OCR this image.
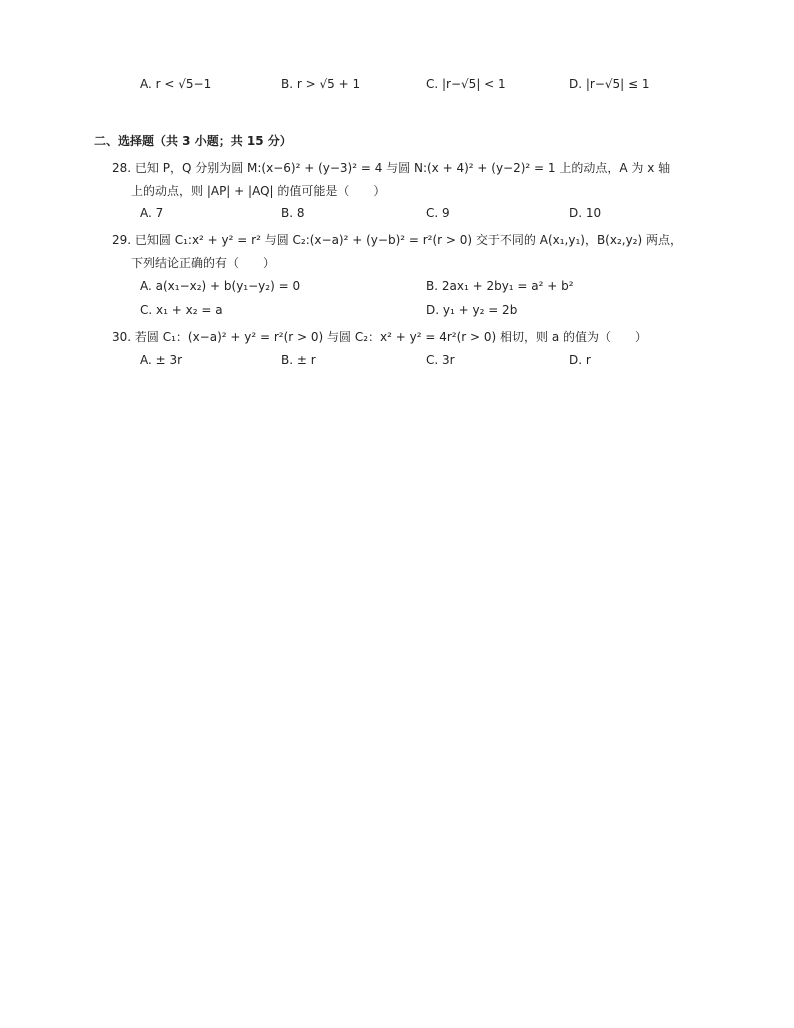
A. r < √5−1	B. r > √5 + 1	C. |r−√5| < 1	D. |r−√5| ≤ 1
二、选择题（共 3 小题；共 15 分）
28. 已知 P，Q 分别为圆 M:(x−6)² + (y−3)² = 4 与圆 N:(x + 4)² + (y−2)² = 1 上的动点，A 为 x 轴
上的动点，则 |AP| + |AQ| 的值可能是（　　）
A. 7	B. 8	C. 9	D. 10
29. 已知圆 C₁:x² + y² = r² 与圆 C₂:(x−a)² + (y−b)² = r²(r > 0) 交于不同的 A(x₁,y₁)，B(x₂,y₂) 两点，
下列结论正确的有（　　）
A. a(x₁−x₂) + b(y₁−y₂) = 0	B. 2ax₁ + 2by₁ = a² + b²
C. x₁ + x₂ = a	D. y₁ + y₂ = 2b
30. 若圆 C₁：(x−a)² + y² = r²(r > 0) 与圆 C₂：x² + y² = 4r²(r > 0) 相切，则 a 的值为（　　）
A. ± 3r	B. ± r	C. 3r	D. r
